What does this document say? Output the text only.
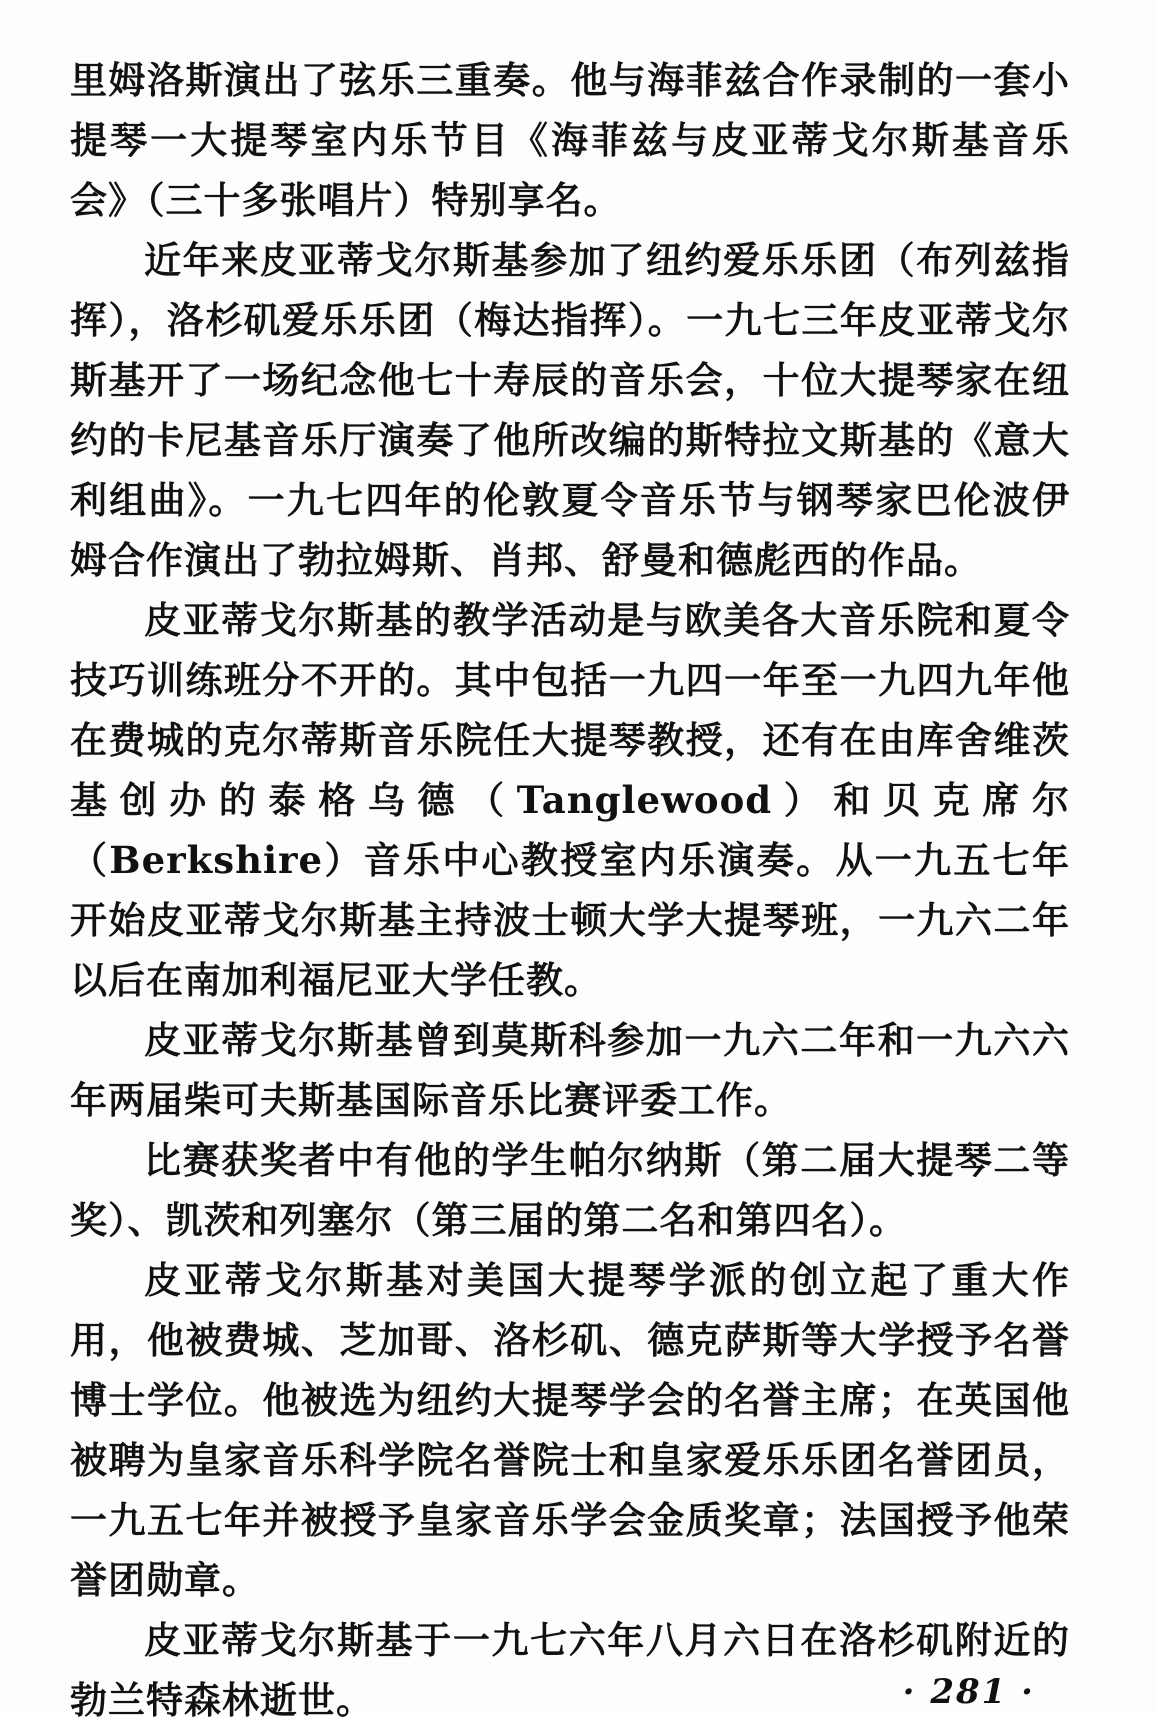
里姆洛斯演出了弦乐三重奏。他与海菲兹合作录制的一套小提琴一大提琴室内乐节目《海菲兹与皮亚蒂戈尔斯基音乐会》（三十多张唱片）特别享名。

近年来皮亚蒂戈尔斯基参加了纽约爱乐乐团（布列兹指挥），洛杉矶爱乐乐团（梅达指挥）。一九七三年皮亚蒂戈尔斯基开了一场纪念他七十寿辰的音乐会，十位大提琴家在纽约的卡尼基音乐厅演奏了他所改编的斯特拉文斯基的《意大利组曲》。一九七四年的伦敦夏令音乐节与钢琴家巴伦波伊姆合作演出了勃拉姆斯、肖邦、舒曼和德彪西的作品。

皮亚蒂戈尔斯基的教学活动是与欧美各大音乐院和夏令技巧训练班分不开的。其中包括一九四一年至一九四九年他在费城的克尔蒂斯音乐院任大提琴教授，还有在由库舍维茨基创办的泰格乌德（Tanglewood）和贝克席尔（Berkshire）音乐中心教授室内乐演奏。从一九五七年开始皮亚蒂戈尔斯基主持波士顿大学大提琴班，一九六二年以后在南加利福尼亚大学任教。

皮亚蒂戈尔斯基曾到莫斯科参加一九六二年和一九六六年两届柴可夫斯基国际音乐比赛评委工作。

比赛获奖者中有他的学生帕尔纳斯（第二届大提琴二等奖）、凯茨和列塞尔（第三届的第二名和第四名）。

皮亚蒂戈尔斯基对美国大提琴学派的创立起了重大作用，他被费城、芝加哥、洛杉矶、德克萨斯等大学授予名誉博士学位。他被选为纽约大提琴学会的名誉主席；在英国他被聘为皇家音乐科学院名誉院士和皇家爱乐乐团名誉团员，一九五七年并被授予皇家音乐学会金质奖章；法国授予他荣誉团勋章。

皮亚蒂戈尔斯基于一九七六年八月六日在洛杉矶附近的勃兰特森林逝世。	· 281 ·
